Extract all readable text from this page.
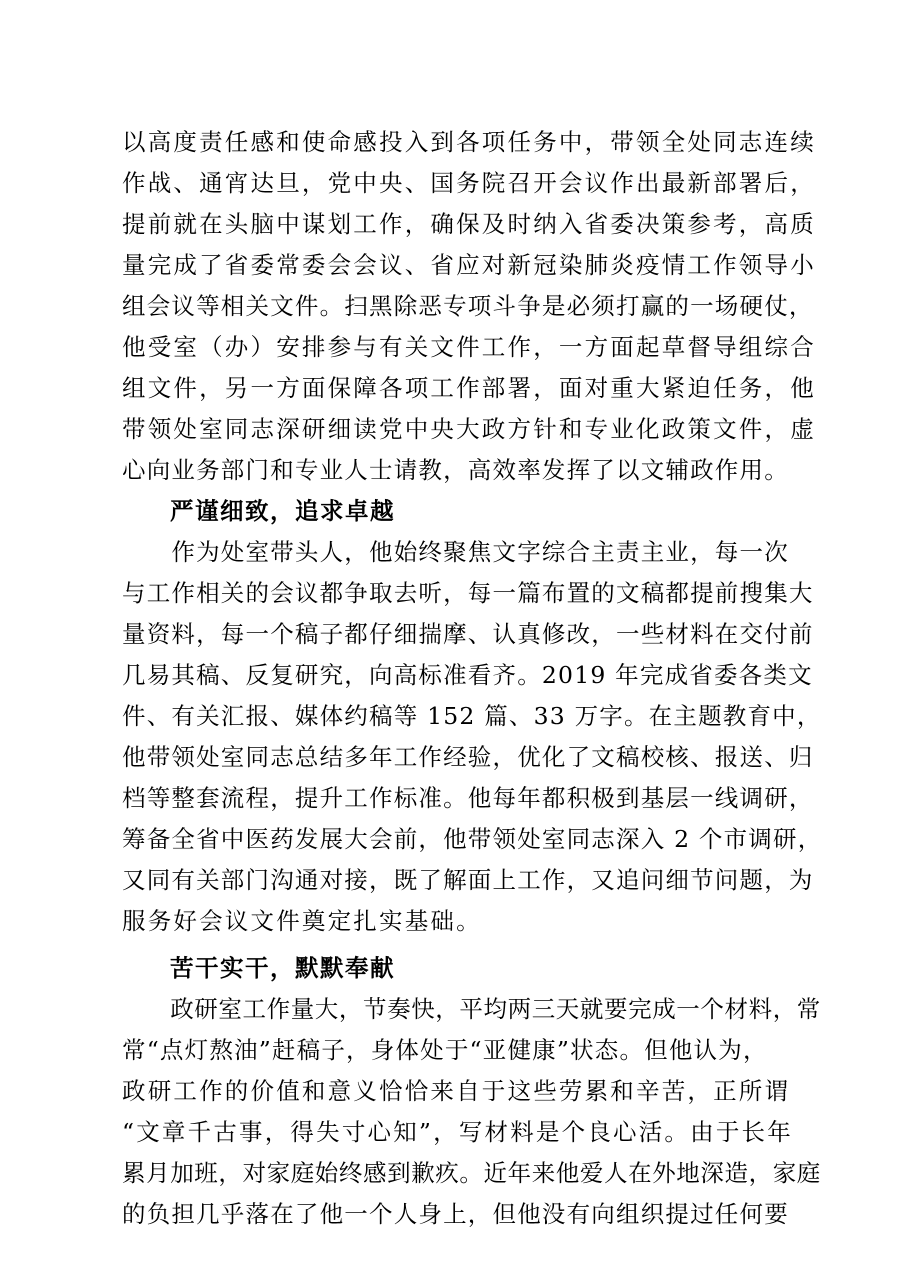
以高度责任感和使命感投入到各项任务中，带领全处同志连续
作战、通宵达旦，党中央、国务院召开会议作出最新部署后，
提前就在头脑中谋划工作，确保及时纳入省委决策参考，高质
量完成了省委常委会会议、省应对新冠染肺炎疫情工作领导小
组会议等相关文件。扫黑除恶专项斗争是必须打赢的一场硬仗，
他受室（办）安排参与有关文件工作，一方面起草督导组综合
组文件，另一方面保障各项工作部署，面对重大紧迫任务，他
带领处室同志深研细读党中央大政方针和专业化政策文件，虚
心向业务部门和专业人士请教，高效率发挥了以文辅政作用。
严谨细致，追求卓越
　　作为处室带头人，他始终聚焦文字综合主责主业，每一次
与工作相关的会议都争取去听，每一篇布置的文稿都提前搜集大
量资料，每一个稿子都仔细揣摩、认真修改，一些材料在交付前
几易其稿、反复研究，向高标准看齐。2019 年完成省委各类文
件、有关汇报、媒体约稿等 152 篇、33 万字。在主题教育中，
他带领处室同志总结多年工作经验，优化了文稿校核、报送、归
档等整套流程，提升工作标准。他每年都积极到基层一线调研，
筹备全省中医药发展大会前，他带领处室同志深入 2 个市调研，
又同有关部门沟通对接，既了解面上工作，又追问细节问题，为
服务好会议文件奠定扎实基础。
苦干实干，默默奉献
　　政研室工作量大，节奏快，平均两三天就要完成一个材料，常
常“点灯熬油”赶稿子，身体处于“亚健康”状态。但他认为，
政研工作的价值和意义恰恰来自于这些劳累和辛苦，正所谓
“文章千古事，得失寸心知”，写材料是个良心活。由于长年
累月加班，对家庭始终感到歉疚。近年来他爱人在外地深造，家庭
的负担几乎落在了他一个人身上，但他没有向组织提过任何要
